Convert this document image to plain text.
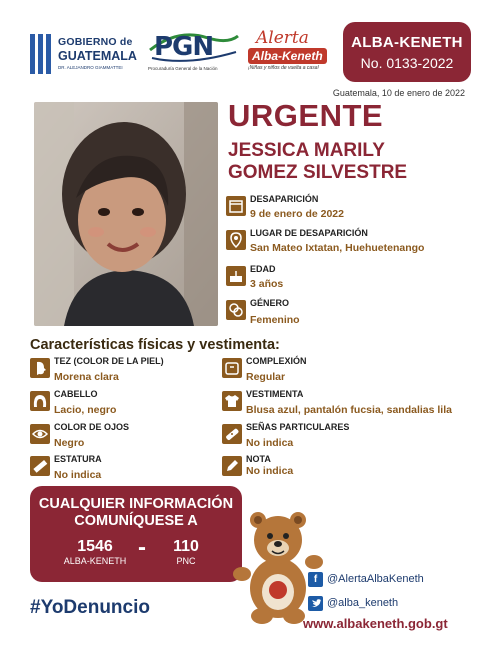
GOBIERNO de
GUATEMALA
DR. ALEJANDRO GIAMMATTEI
PGN
Procuraduría General de la Nación
Alerta
Alba-Keneth
¡Niñas y niños de vuelta a casa!
ALBA-KENETH
No. 0133-2022
Guatemala, 10 de enero de 2022
URGENTE
JESSICA MARILY
GOMEZ SILVESTRE
DESAPARICIÓN
9 de enero de 2022
LUGAR DE DESAPARICIÓN
San Mateo Ixtatan, Huehuetenango
EDAD
3 años
GÉNERO
Femenino
Características físicas y vestimenta:
TEZ (COLOR DE LA PIEL)
Morena clara
CABELLO
Lacio, negro
COLOR DE OJOS
Negro
ESTATURA
No indica
COMPLEXIÓN
Regular
VESTIMENTA
Blusa azul, pantalón fucsia, sandalias lila
SEÑAS PARTICULARES
No indica
NOTA
No indica
CUALQUIER INFORMACIÓN
COMUNÍQUESE A
1546
ALBA-KENETH -	110
PNC
#YoDenuncio
f @AlertaAlbaKeneth
@alba_keneth
www.albakeneth.gob.gt
